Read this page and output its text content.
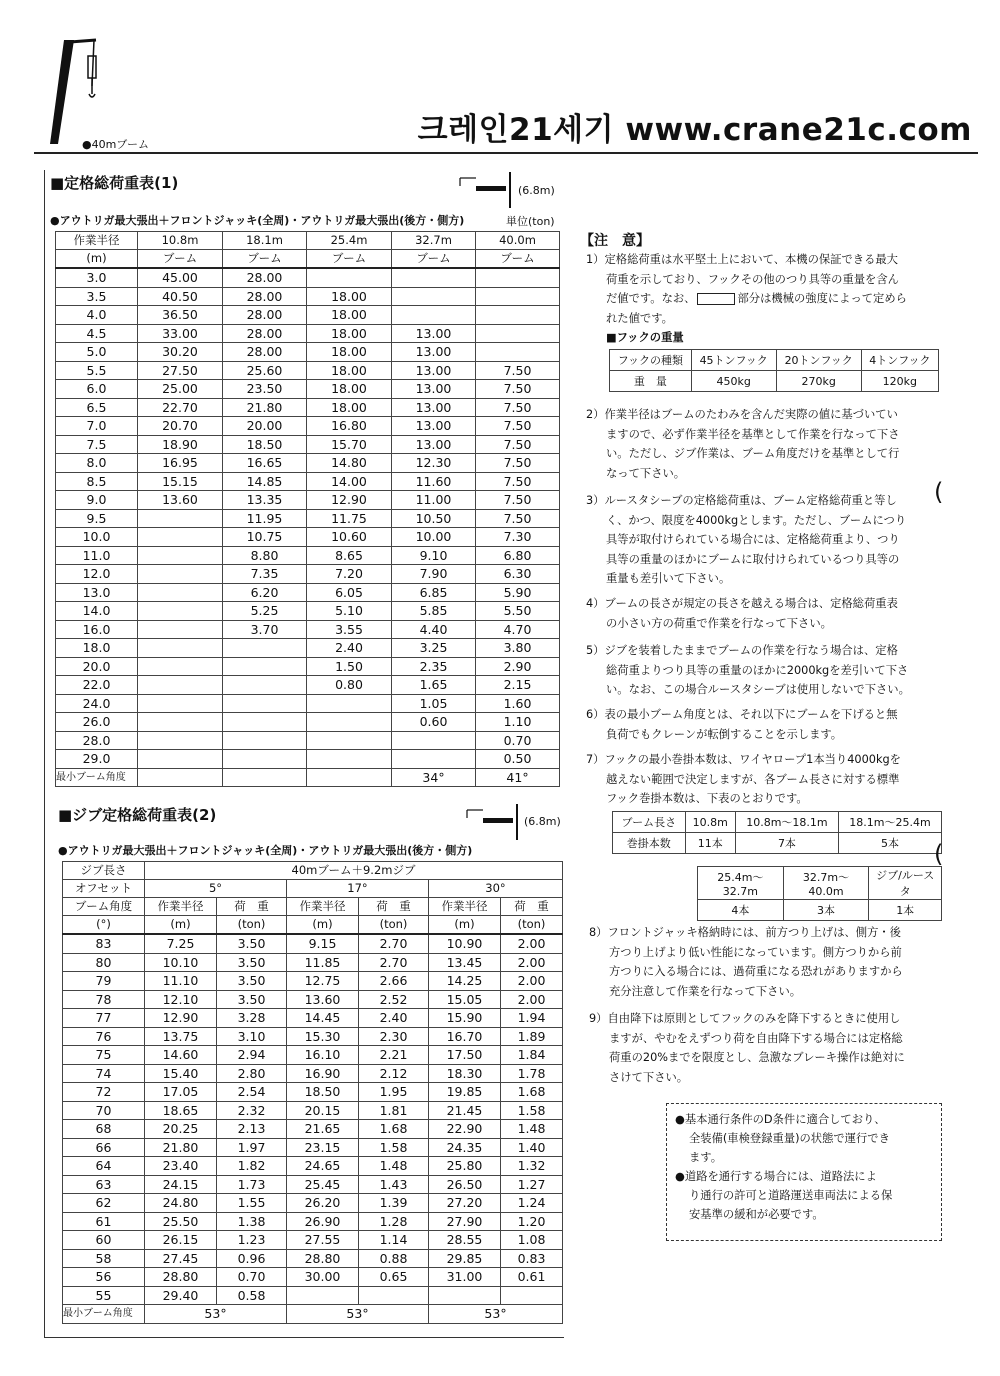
●40mブーム	크레인21세기 www.crane21c.com
■定格総荷重表(1)	(6.8m)
●アウトリガ最大張出＋フロントジャッキ(全周)・アウトリガ最大張出(後方・側方)	単位(ton)
作業半径	10.8m	18.1m	25.4m	32.7m	40.0m
(m)	ブーム	ブーム	ブーム	ブーム	ブーム
3.0	45.00	28.00			
3.5	40.50	28.00	18.00		
4.0	36.50	28.00	18.00		
4.5	33.00	28.00	18.00	13.00	
5.0	30.20	28.00	18.00	13.00	
5.5	27.50	25.60	18.00	13.00	7.50
6.0	25.00	23.50	18.00	13.00	7.50
6.5	22.70	21.80	18.00	13.00	7.50
7.0	20.70	20.00	16.80	13.00	7.50
7.5	18.90	18.50	15.70	13.00	7.50
8.0	16.95	16.65	14.80	12.30	7.50
8.5	15.15	14.85	14.00	11.60	7.50
9.0	13.60	13.35	12.90	11.00	7.50
9.5		11.95	11.75	10.50	7.50
10.0		10.75	10.60	10.00	7.30
11.0		8.80	8.65	9.10	6.80
12.0		7.35	7.20	7.90	6.30
13.0		6.20	6.05	6.85	5.90
14.0		5.25	5.10	5.85	5.50
16.0		3.70	3.55	4.40	4.70
18.0			2.40	3.25	3.80
20.0			1.50	2.35	2.90
22.0			0.80	1.65	2.15
24.0				1.05	1.60
26.0				0.60	1.10
28.0					0.70
29.0					0.50
最小ブーム角度				34°	41°
■ジブ定格総荷重表(2)	(6.8m)
●アウトリガ最大張出＋フロントジャッキ(全周)・アウトリガ最大張出(後方・側方)
ジブ長さ	40mブーム＋9.2mジブ					
オフセット	5°		17°		30°	
ブーム角度	作業半径	荷　重	作業半径	荷　重	作業半径	荷　重
(°)	(m)	(ton)	(m)	(ton)	(m)	(ton)
83	7.25	3.50	9.15	2.70	10.90	2.00
80	10.10	3.50	11.85	2.70	13.45	2.00
79	11.10	3.50	12.75	2.66	14.25	2.00
78	12.10	3.50	13.60	2.52	15.05	2.00
77	12.90	3.28	14.45	2.40	15.90	1.94
76	13.75	3.10	15.30	2.30	16.70	1.89
75	14.60	2.94	16.10	2.21	17.50	1.84
74	15.40	2.80	16.90	2.12	18.30	1.78
72	17.05	2.54	18.50	1.95	19.85	1.68
70	18.65	2.32	20.15	1.81	21.45	1.58
68	20.25	2.13	21.65	1.68	22.90	1.48
66	21.80	1.97	23.15	1.58	24.35	1.40
64	23.40	1.82	24.65	1.48	25.80	1.32
63	24.15	1.73	25.45	1.43	26.50	1.27
62	24.80	1.55	26.20	1.39	27.20	1.24
61	25.50	1.38	26.90	1.28	27.90	1.20
60	26.15	1.23	27.55	1.14	28.55	1.08
58	27.45	0.96	28.80	0.88	29.85	0.83
56	28.80	0.70	30.00	0.65	31.00	0.61
55	29.40	0.58				
最小ブーム角度	53°		53°		53°	
【注　意】
1）定格総荷重は水平堅土上において、本機の保証できる最大
荷重を示しており、フックその他のつり具等の重量を含ん
だ値です。なお、	部分は機械の強度によって定めら
れた値です。
■フックの重量
フックの種類	45トンフック	20トンフック	4トンフック
重　量	450kg	270kg	120kg
2）作業半径はブームのたわみを含んだ実際の値に基づいてい
ますので、必ず作業半径を基準として作業を行なって下さ
い。ただし、ジブ作業は、ブーム角度だけを基準として行
なって下さい。
3）ルースタシーブの定格総荷重は、ブーム定格総荷重と等し
く、かつ、限度を4000kgとします。ただし、ブームにつり
具等が取付けられている場合には、定格総荷重より、つり
具等の重量のほかにブームに取付けられているつり具等の
重量も差引いて下さい。
(
4）ブームの長さが規定の長さを越える場合は、定格総荷重表
の小さい方の荷重で作業を行なって下さい。
5）ジブを装着したままでブームの作業を行なう場合は、定格
総荷重よりつり具等の重量のほかに2000kgを差引いて下さ
い。なお、この場合ルースタシーブは使用しないで下さい。
6）表の最小ブーム角度とは、それ以下にブームを下げると無
負荷でもクレーンが転倒することを示します。
7）フックの最小巻掛本数は、ワイヤロープ1本当り4000kgを
越えない範囲で決定しますが、各ブーム長さに対する標準
フック巻掛本数は、下表のとおりです。
ブーム長さ	10.8m	10.8m～18.1m	18.1m～25.4m
巻掛本数	11本	7本	5本 (
25.4m～32.7m	32.7m～40.0m	ジブ/ルースタ
4本	3本	1本
8）フロントジャッキ格納時には、前方つり上げは、側方・後
方つり上げより低い性能になっています。側方つりから前
方つりに入る場合には、過荷重になる恐れがありますから
充分注意して作業を行なって下さい。
9）自由降下は原則としてフックのみを降下するときに使用し
ますが、やむをえずつり荷を自由降下する場合には定格総
荷重の20%までを限度とし、急激なブレーキ操作は絶対に
さけて下さい。
●基本通行条件のD条件に適合しており、
全装備(車検登録重量)の状態で運行でき
ます。
●道路を通行する場合には、道路法によ
り通行の許可と道路運送車両法による保
安基準の緩和が必要です。
